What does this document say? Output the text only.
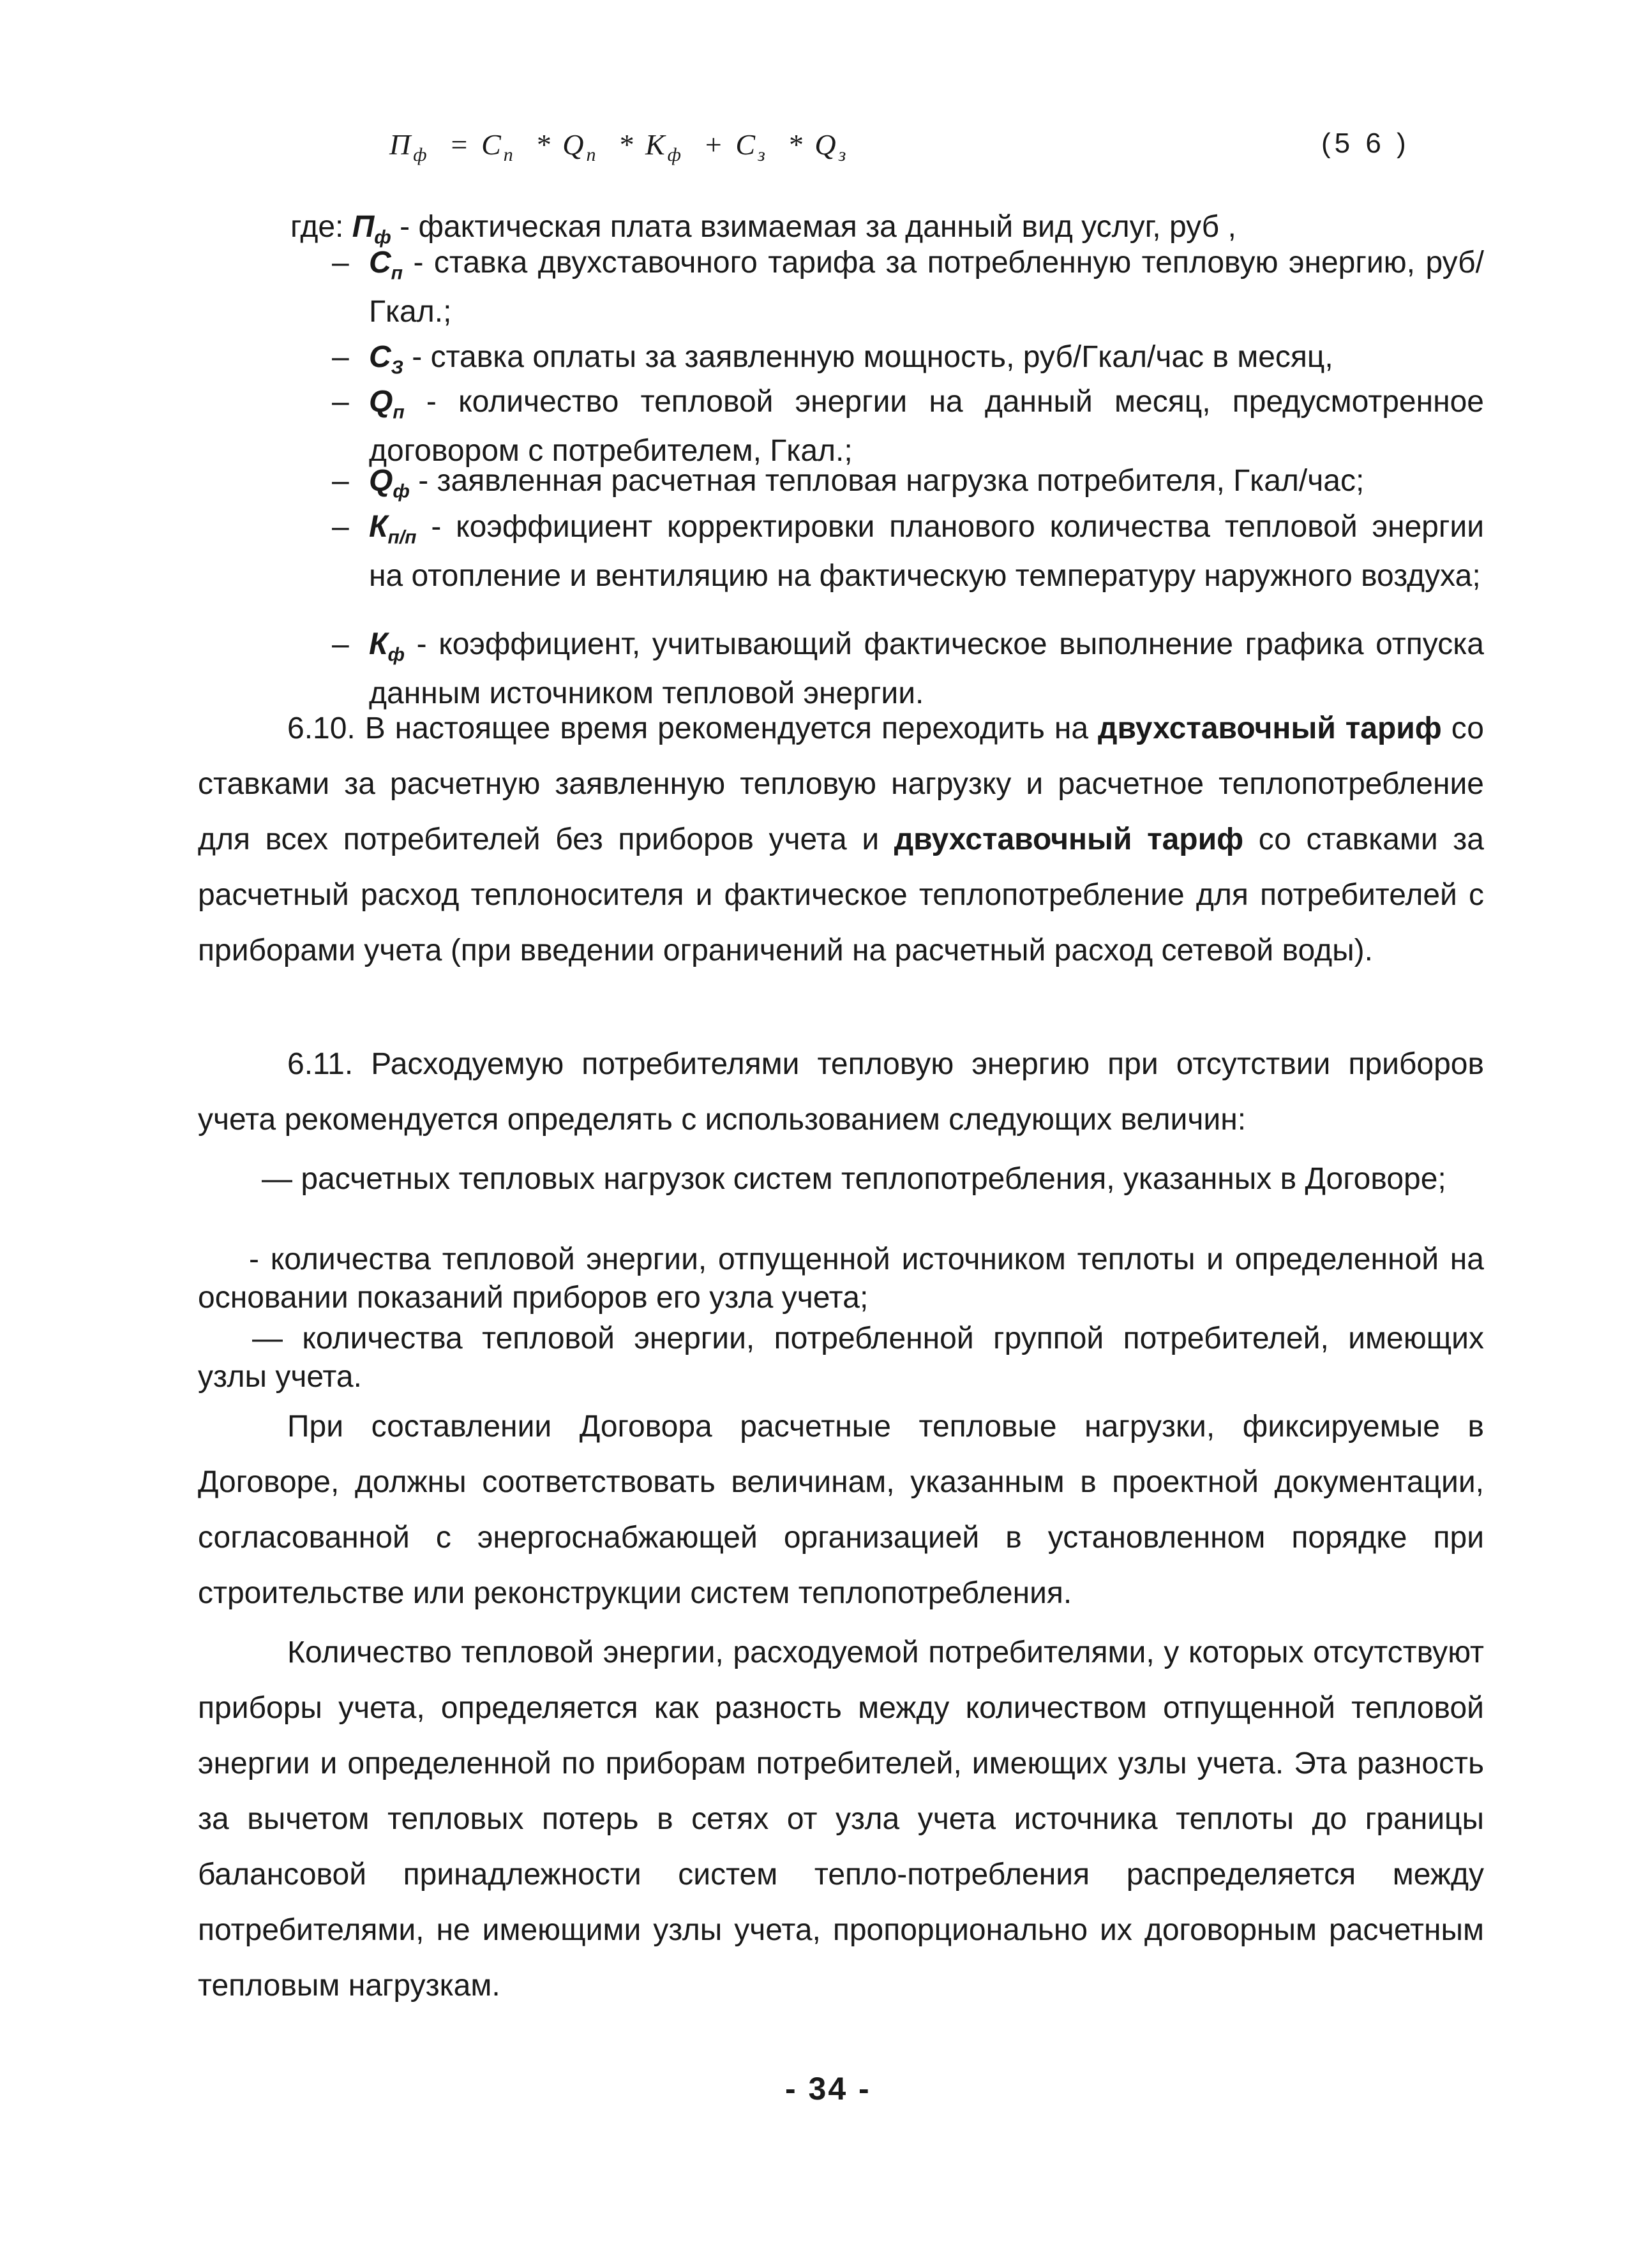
$П_ф = С_п * Q_п * К_ф + С_з * Q_з$	(5 6 )
где: $П_ф$ - фактическая плата взимаемая за данный вид услуг, руб ,
– $С_п$ - ставка двухставочного тарифа за потребленную тепловую энергию, руб/Гкал.;
– $С_З$ - ставка оплаты за заявленную мощность, руб/Гкал/час в месяц,
– $Q_п$ - количество тепловой энергии на данный месяц, предусмотренное договором с потребителем, Гкал.;
– $Q_ф$ - заявленная расчетная тепловая нагрузка потребителя, Гкал/час;
– $К_{п/п}$ - коэффициент корректировки планового количества тепловой энергии на отопление и вентиляцию на фактическую температуру наружного воздуха;
– $К_ф$ - коэффициент, учитывающий фактическое выполнение графика отпуска данным источником тепловой энергии.
6.10. В настоящее время рекомендуется переходить на двухставочный тариф со ставками за расчетную заявленную тепловую нагрузку и расчетное теплопотребление для всех потребителей без приборов учета и двухставочный тариф со ставками за расчетный расход теплоносителя и фактическое теплопотребление для потребителей с приборами учета (при введении ограничений на расчетный расход сетевой воды).
6.11. Расходуемую потребителями тепловую энергию при отсутствии приборов учета рекомендуется определять с использованием следующих величин:
— расчетных тепловых нагрузок систем теплопотребления, указанных в Договоре;
- количества тепловой энергии, отпущенной источником теплоты и определенной на основании показаний приборов его узла учета;
— количества тепловой энергии, потребленной группой потребителей, имеющих узлы учета.
При составлении Договора расчетные тепловые нагрузки, фиксируемые в Договоре, должны соответствовать величинам, указанным в проектной документации, согласованной с энергоснабжающей организацией в установленном порядке при строительстве или реконструкции систем теплопотребления.
Количество тепловой энергии, расходуемой потребителями, у которых отсутствуют приборы учета, определяется как разность между количеством отпущенной тепловой энергии и определенной по приборам потребителей, имеющих узлы учета. Эта разность за вычетом тепловых потерь в сетях от узла учета источника теплоты до границы балансовой принадлежности систем тепло-потребления распределяется между потребителями, не имеющими узлы учета, пропорционально их договорным расчетным тепловым нагрузкам.
- 34 -
